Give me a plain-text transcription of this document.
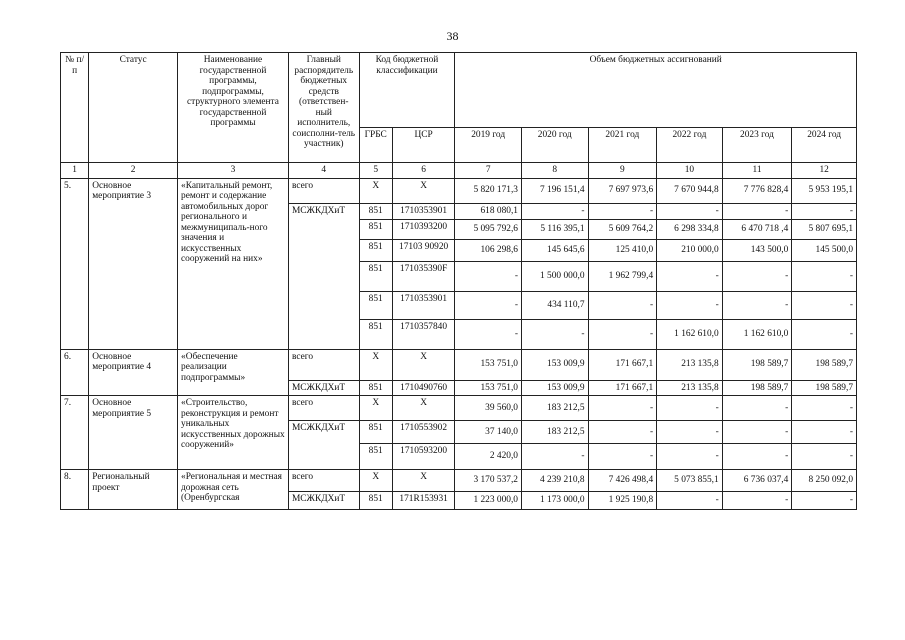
38
№ п/п	Статус	Наименование государственной программы, подпрограммы, структурного элемента государственной программы	Главный распорядитель бюджетных средств (ответствен-ный исполнитель, соисполни-тель участник)	Код бюджетной классификации		Объем бюджетных ассигнований					
				ГРБС	ЦСР	2019 год	2020 год	2021 год	2022 год	2023 год	2024 год
1	2	3	4	5	6	7	8	9	10	11	12
5.	Основное мероприятие 3	«Капитальный ремонт, ремонт и содержание автомобильных дорог регионального и межмуниципаль-ного значения и искусственных сооружений на них»	всего	X	X	5 820 171,3	7 196 151,4	7 697 973,6	7 670 944,8	7 776 828,4	5 953 195,1
			МСЖКДХиТ	851	1710353901	618 080,1	-	-	-	-	-
				851	1710393200	5 095 792,6	5 116 395,1	5 609 764,2	6 298 334,8	6 470 718 ,4	5 807 695,1
				851	17103 90920	106 298,6	145 645,6	125 410,0	210 000,0	143 500,0	145 500,0
				851	171035390F	-	1 500 000,0	1 962 799,4	-	-	-
				851	1710353901	-	434 110,7	-	-	-	-
				851	1710357840	-	-	-	1 162 610,0	1 162 610,0	-
6.	Основное мероприятие 4	«Обеспечение реализации подпрограммы»	всего	X	X	153 751,0	153 009,9	171 667,1	213 135,8	198 589,7	198 589,7
			МСЖКДХиТ	851	1710490760	153 751,0	153 009,9	171 667,1	213 135,8	198 589,7	198 589,7
7.	Основное мероприятие 5	«Строительство, реконструкция и ремонт уникальных искусственных дорожных сооружений»	всего	X	X	39 560,0	183 212,5	-	-	-	-
			МСЖКДХиТ	851	1710553902	37 140,0	183 212,5	-	-	-	-
				851	1710593200	2 420,0	-	-	-	-	-
8.	Региональный проект	«Региональная и местная дорожная сеть (Оренбургская	всего	X	X	3 170 537,2	4 239 210,8	7 426 498,4	5 073 855,1	6 736 037,4	8 250 092,0
			МСЖКДХиТ	851	171R153931	1 223 000,0	1 173 000,0	1 925 190,8	-	-	-
